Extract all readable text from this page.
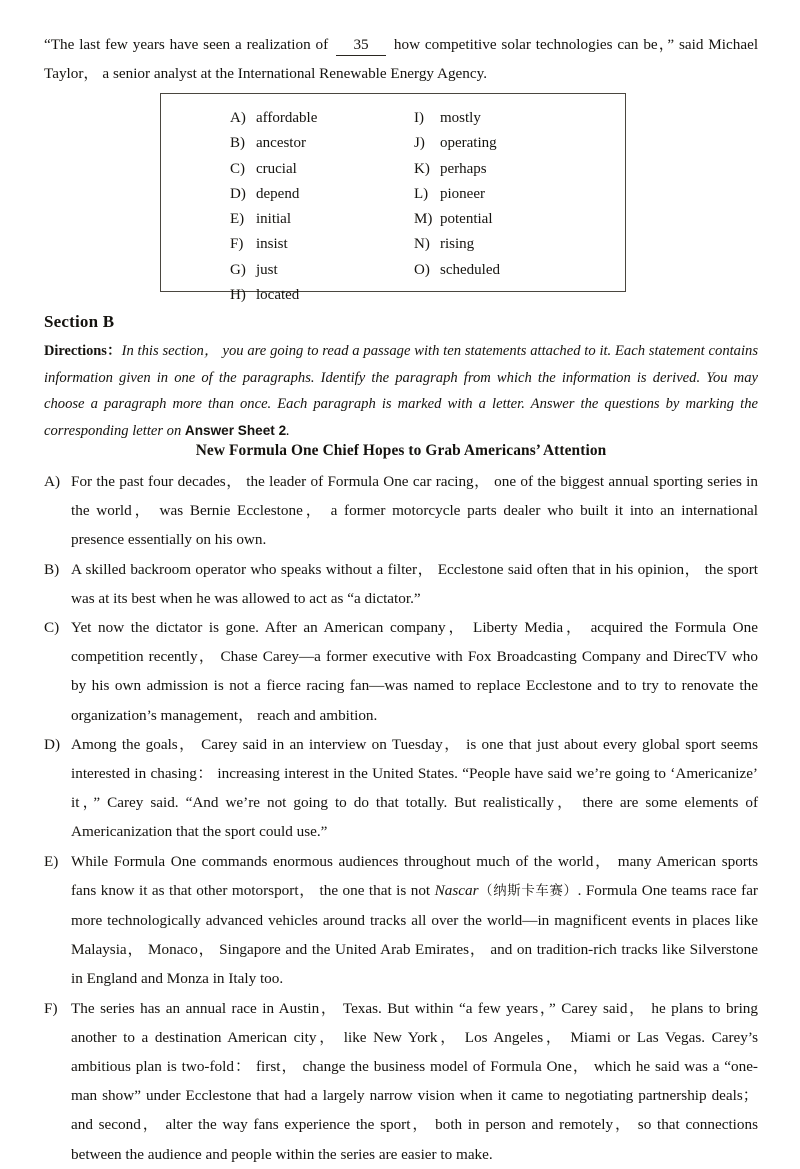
“The last few years have seen a realization of 35 how competitive solar technologies can be，” said Michael Taylor， a senior analyst at the International Renewable Energy Agency.
A) affordable
B) ancestor
C) crucial
D) depend
E) initial
F) insist
G) just
H) located
I) mostly
J) operating
K) perhaps
L) pioneer
M) potential
N) rising
O) scheduled
Section B
Directions：In this section， you are going to read a passage with ten statements attached to it. Each statement contains information given in one of the paragraphs. Identify the paragraph from which the information is derived. You may choose a paragraph more than once. Each paragraph is marked with a letter. Answer the questions by marking the corresponding letter on Answer Sheet 2.
New Formula One Chief Hopes to Grab Americans’ Attention
A) For the past four decades， the leader of Formula One car racing， one of the biggest annual sporting series in the world， was Bernie Ecclestone， a former motorcycle parts dealer who built it into an international presence essentially on his own.
B) A skilled backroom operator who speaks without a filter， Ecclestone said often that in his opinion， the sport was at its best when he was allowed to act as “a dictator.”
C) Yet now the dictator is gone. After an American company， Liberty Media， acquired the Formula One competition recently， Chase Carey—a former executive with Fox Broadcasting Company and DirecTV who by his own admission is not a fierce racing fan—was named to replace Ecclestone and to try to renovate the organization’s management， reach and ambition.
D) Among the goals， Carey said in an interview on Tuesday， is one that just about every global sport seems interested in chasing： increasing interest in the United States. “People have said we’re going to ‘Americanize’ it，” Carey said. “And we’re not going to do that totally. But realistically， there are some elements of Americanization that the sport could use.”
E) While Formula One commands enormous audiences throughout much of the world， many American sports fans know it as that other motorsport， the one that is not Nascar（纳斯卡车赛）. Formula One teams race far more technologically advanced vehicles around tracks all over the world—in magnificent events in places like Malaysia， Monaco， Singapore and the United Arab Emirates， and on tradition-rich tracks like Silverstone in England and Monza in Italy too.
F) The series has an annual race in Austin， Texas. But within “a few years，” Carey said， he plans to bring another to a destination American city， like New York， Los Angeles， Miami or Las Vegas. Carey’s ambitious plan is two-fold： first， change the business model of Formula One， which he said was a “one-man show” under Ecclestone that had a largely narrow vision when it came to negotiating partnership deals； and second， alter the way fans experience the sport， both in person and remotely， so that connections between the audience and people within the series are easier to make.
